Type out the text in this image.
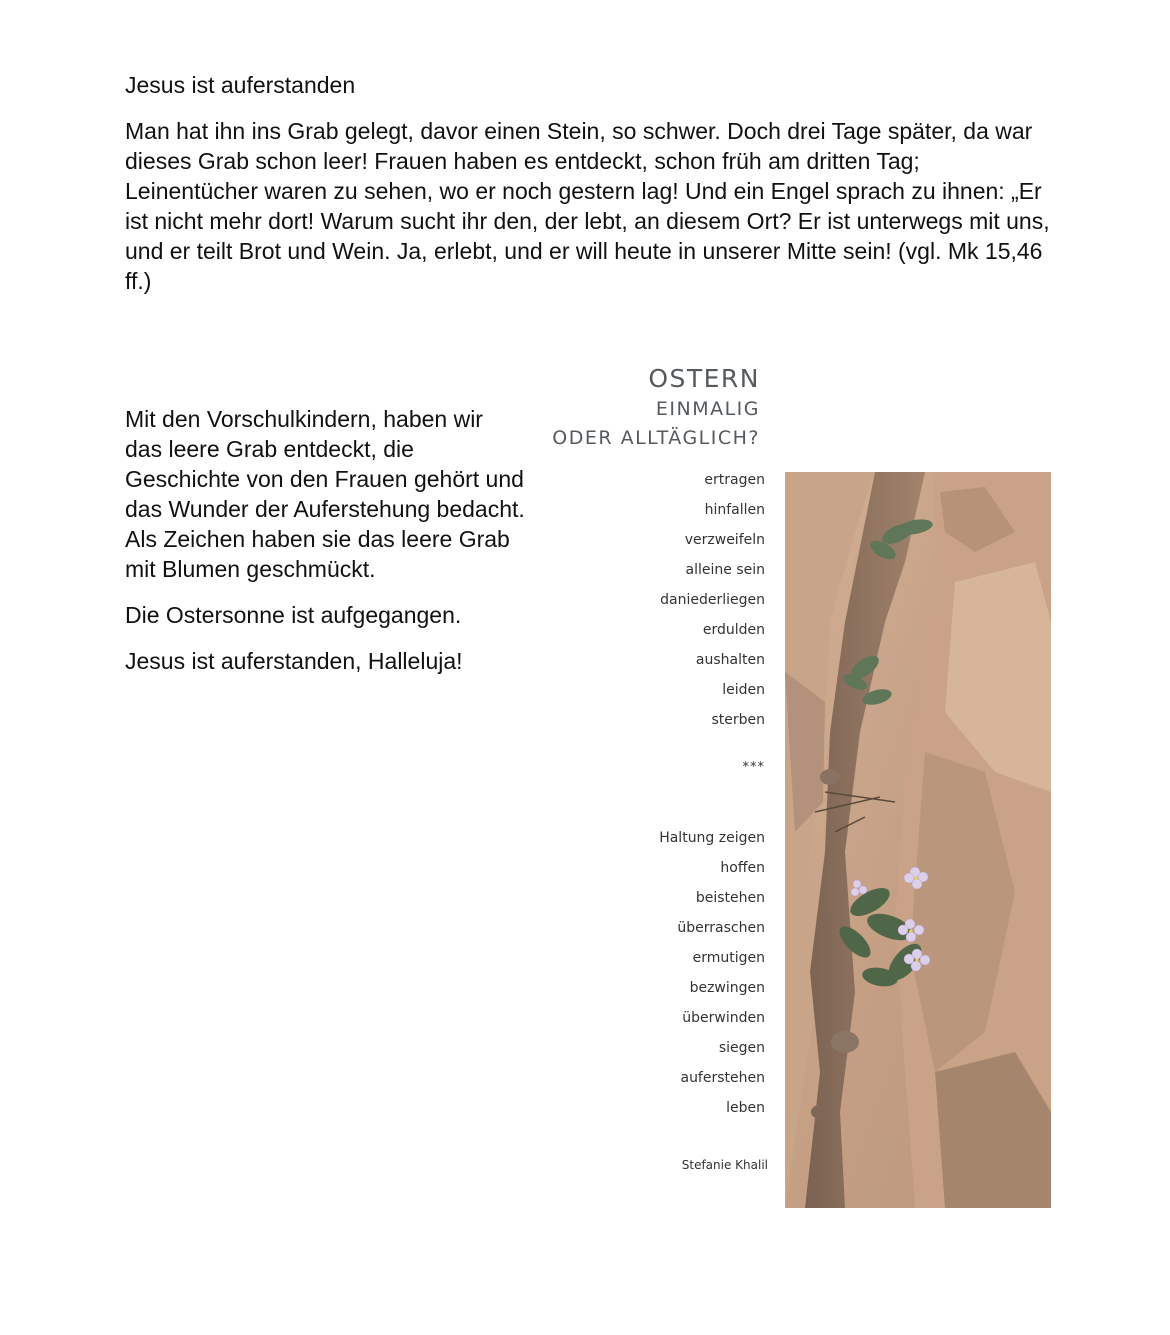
Jesus ist auferstanden

Man hat ihn ins Grab gelegt, davor einen Stein, so schwer. Doch drei Tage später, da war dieses Grab schon leer! Frauen haben es entdeckt, schon früh am dritten Tag; Leinentücher waren zu sehen, wo er noch gestern lag! Und ein Engel sprach zu ihnen: „Er ist nicht mehr dort! Warum sucht ihr den, der lebt, an diesem Ort? Er ist unterwegs mit uns, und er teilt Brot und Wein. Ja, erlebt, und er will heute in unserer Mitte sein! (vgl. Mk 15,46 ff.)

Mit den Vorschulkindern, haben wir das leere Grab entdeckt, die Geschichte von den Frauen gehört und das Wunder der Auferstehung bedacht. Als Zeichen haben sie das leere Grab mit Blumen geschmückt.

Die Ostersonne ist aufgegangen.

Jesus ist auferstanden, Halleluja!

OSTERN
EINMALIG
ODER ALLTÄGLICH?
ertragen
hinfallen
verzweifeln
alleine sein
daniederliegen
erdulden
aushalten
leiden
sterben
***
Haltung zeigen
hoffen
beistehen
überraschen
ermutigen
bezwingen
überwinden
siegen
auferstehen
leben
Stefanie Khalil
